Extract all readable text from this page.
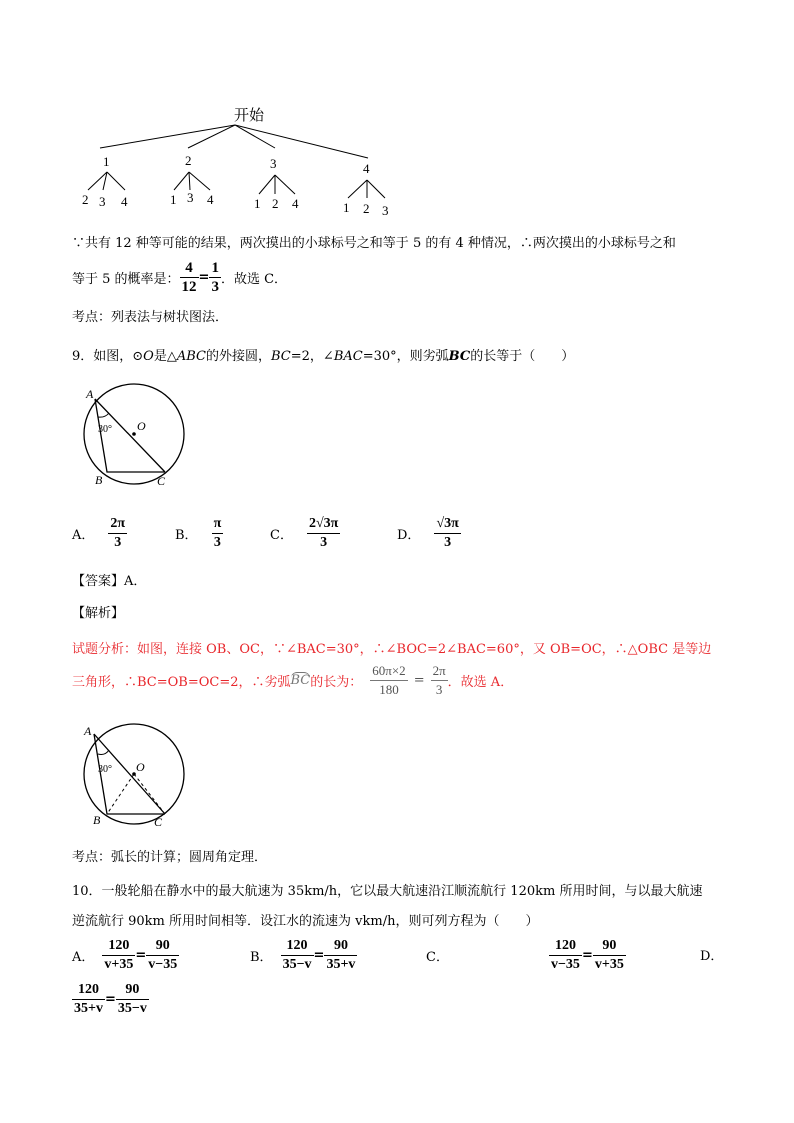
开始
1
2 3 4
2
1 3 4
3
1 2 4
4
1 2 3
∵共有 12 种等可能的结果，两次摸出的小球标号之和等于 5 的有 4 种情况，∴两次摸出的小球标号之和
等于 5 的概率是： $\frac{4}{12} = \frac{1}{3}$ ．故选 C．
考点：列表法与树状图法．
9．如图，⊙O是△ABC的外接圆，BC=2，∠BAC=30°，则劣弧BC的长等于（　　）
A
B	C
O
30°
A． $\frac{2\pi}{3}$	B． $\frac{\pi}{3}$	C． $\frac{2√3\pi}{3}$	D． $\frac{√3\pi}{3}$
【答案】A．
【解析】
试题分析：如图，连接 OB、OC，∵∠BAC=30°，∴∠BOC=2∠BAC=60°，又 OB=OC，∴△OBC 是等边
三角形，∴BC=OB=OC=2，∴劣弧 BC 的长为： $\frac{60\pi\times 2}{180} = \frac{2\pi}{3}$ ．故选 A．
A
B	C
O
30°
考点：弧长的计算；圆周角定理．
10．一般轮船在静水中的最大航速为 35km/h，它以最大航速沿江顺流航行 120km 所用时间，与以最大航速
逆流航行 90km 所用时间相等．设江水的流速为 vkm/h，则可列方程为（　　）
A． $\frac{120}{v+35} = \frac{90}{v-35}$	B． $\frac{120}{35-v} = \frac{90}{35+v}$	C．	$\frac{120}{v-35} = \frac{90}{v+35}$	D．
$\frac{120}{35+v} = \frac{90}{35-v}$
